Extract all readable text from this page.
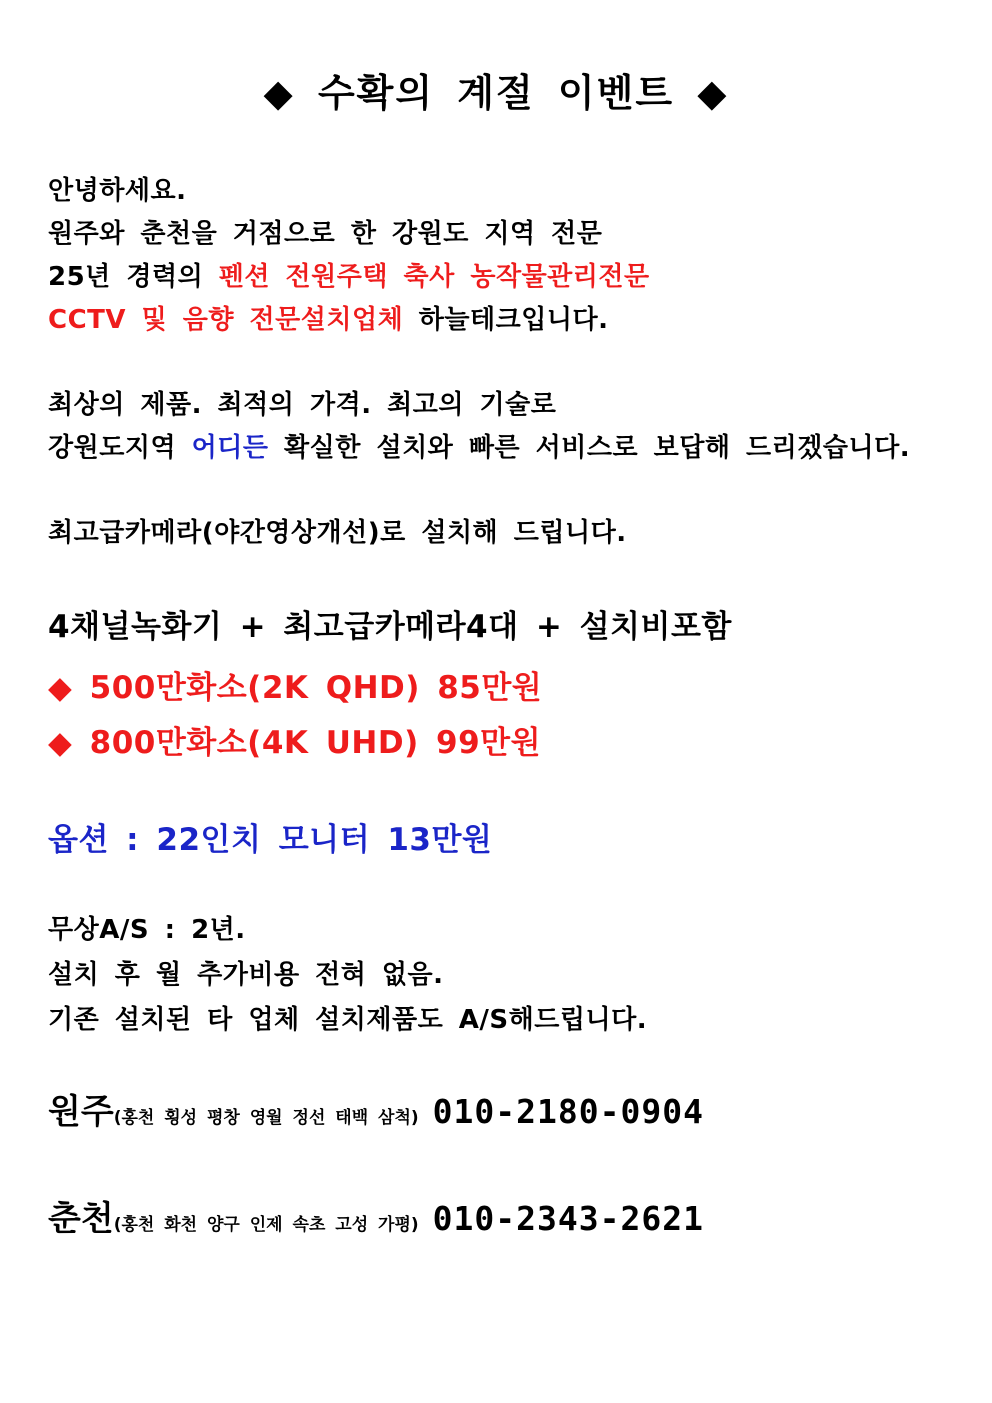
◆ 수확의 계절 이벤트 ◆
안녕하세요.
원주와 춘천을 거점으로 한 강원도 지역 전문
25년 경력의 펜션 전원주택 축사 농작물관리전문
CCTV 및 음향 전문설치업체 하늘테크입니다.
최상의 제품. 최적의 가격. 최고의 기술로
강원도지역 어디든 확실한 설치와 빠른 서비스로 보답해 드리겠습니다.
최고급카메라(야간영상개선)로 설치해 드립니다.
4채널녹화기 + 최고급카메라4대 + 설치비포함
◆ 500만화소(2K QHD) 85만원
◆ 800만화소(4K UHD) 99만원
옵션 : 22인치 모니터 13만원
무상A/S : 2년.
설치 후 월 추가비용 전혀 없음.
기존 설치된 타 업체 설치제품도 A/S해드립니다.
원주(홍천 횡성 평창 영월 정선 태백 삼척) 010-2180-0904
춘천(홍천 화천 양구 인제 속초 고성 가평) 010-2343-2621
